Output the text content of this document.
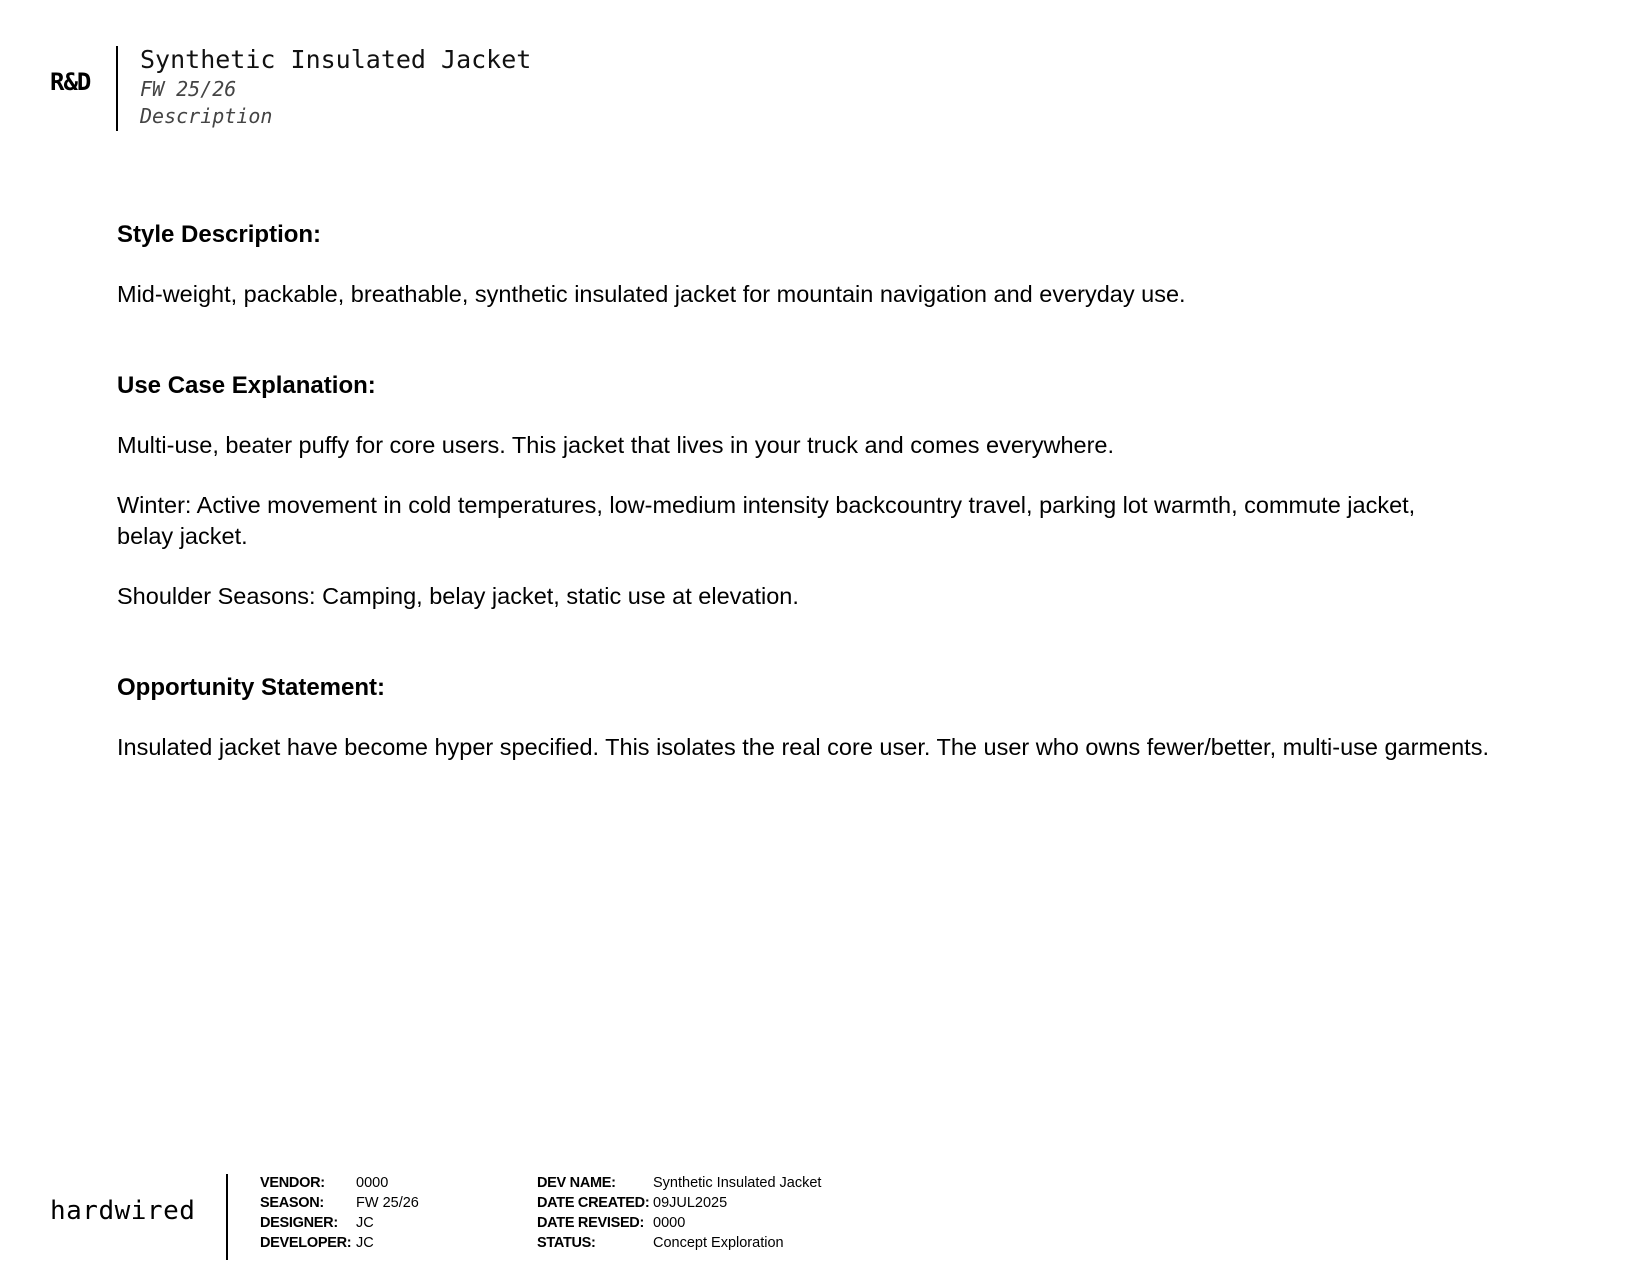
R&D
Synthetic Insulated Jacket
FW 25/26
Description
Style Description:

Mid-weight, packable, breathable, synthetic insulated jacket for mountain navigation and everyday use.

Use Case Explanation:

Multi-use, beater puffy for core users. This jacket that lives in your truck and comes everywhere.

Winter: Active movement in cold temperatures, low-medium intensity backcountry travel, parking lot warmth, commute jacket, belay jacket.

Shoulder Seasons: Camping, belay jacket, static use at elevation.

Opportunity Statement:

Insulated jacket have become hyper specified. This isolates the real core user. The user who owns fewer/better, multi-use garments.

hardwired
VENDOR:	0000
SEASON:	FW 25/26
DESIGNER:	JC
DEVELOPER:	JC
DEV NAME:	Synthetic Insulated Jacket
DATE CREATED:	09JUL2025
DATE REVISED:	0000
STATUS:	Concept Exploration
